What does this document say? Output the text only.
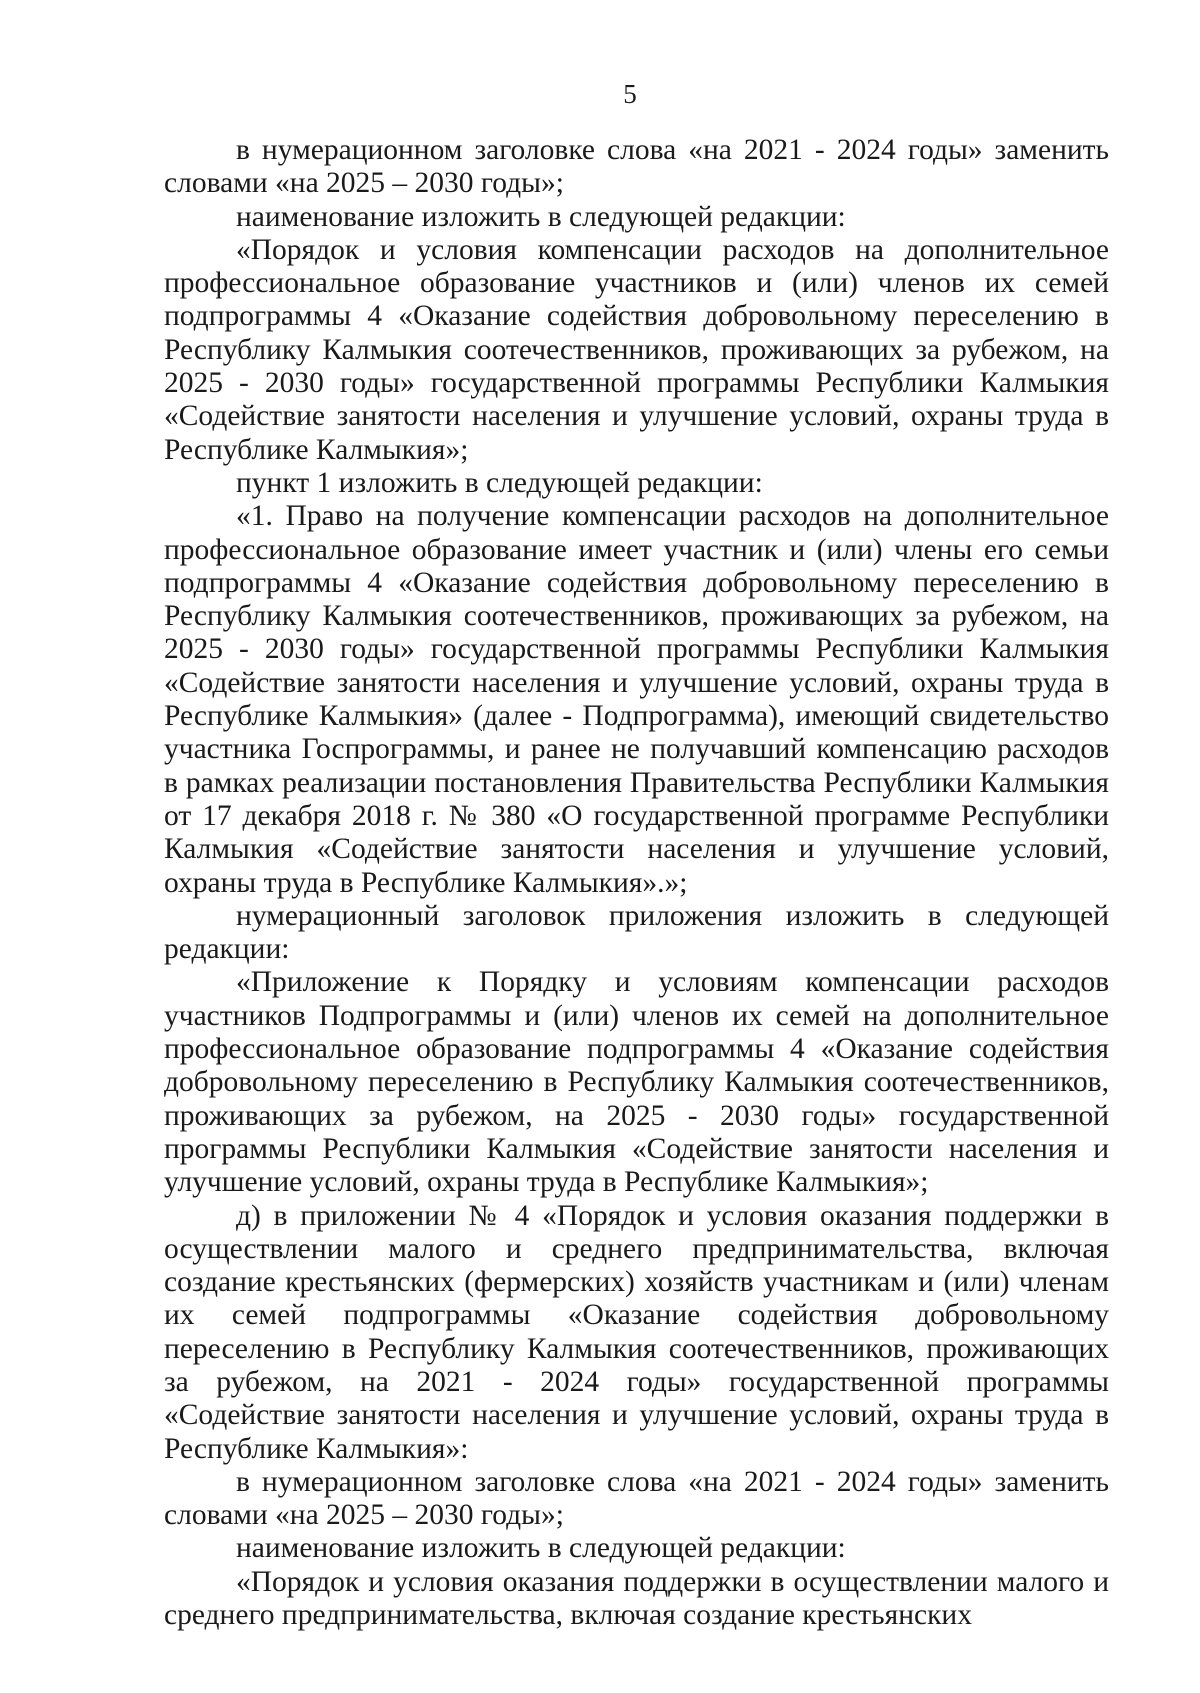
5

в нумерационном заголовке слова «на 2021 - 2024 годы» заменить словами «на 2025 – 2030 годы»;

наименование изложить в следующей редакции:

«Порядок и условия компенсации расходов на дополнительное профессиональное образование участников и (или) членов их семей подпрограммы 4 «Оказание содействия добровольному переселению в Республику Калмыкия соотечественников, проживающих за рубежом, на 2025 - 2030 годы» государственной программы Республики Калмыкия «Содействие занятости населения и улучшение условий, охраны труда в Республике Калмыкия»;

пункт 1 изложить в следующей редакции:

«1. Право на получение компенсации расходов на дополнительное профессиональное образование имеет участник и (или) члены его семьи подпрограммы 4 «Оказание содействия добровольному переселению в Республику Калмыкия соотечественников, проживающих за рубежом, на 2025 - 2030 годы» государственной программы Республики Калмыкия «Содействие занятости населения и улучшение условий, охраны труда в Республике Калмыкия» (далее - Подпрограмма), имеющий свидетельство участника Госпрограммы, и ранее не получавший компенсацию расходов в рамках реализации постановления Правительства Республики Калмыкия от 17 декабря 2018 г. № 380 «О государственной программе Республики Калмыкия «Содействие занятости населения и улучшение условий, охраны труда в Республике Калмыкия».»;

нумерационный заголовок приложения изложить в следующей редакции:

«Приложение к Порядку и условиям компенсации расходов участников Подпрограммы и (или) членов их семей на дополнительное профессиональное образование подпрограммы 4 «Оказание содействия добровольному переселению в Республику Калмыкия соотечественников, проживающих за рубежом, на 2025 - 2030 годы» государственной программы Республики Калмыкия «Содействие занятости населения и улучшение условий, охраны труда в Республике Калмыкия»;

д) в приложении № 4 «Порядок и условия оказания поддержки в осуществлении малого и среднего предпринимательства, включая создание крестьянских (фермерских) хозяйств участникам и (или) членам их семей подпрограммы «Оказание содействия добровольному переселению в Республику Калмыкия соотечественников, проживающих за рубежом, на 2021 - 2024 годы» государственной программы «Содействие занятости населения и улучшение условий, охраны труда в Республике Калмыкия»:

в нумерационном заголовке слова «на 2021 - 2024 годы» заменить словами «на 2025 – 2030 годы»;

наименование изложить в следующей редакции:

«Порядок и условия оказания поддержки в осуществлении малого и среднего предпринимательства, включая создание крестьянских
